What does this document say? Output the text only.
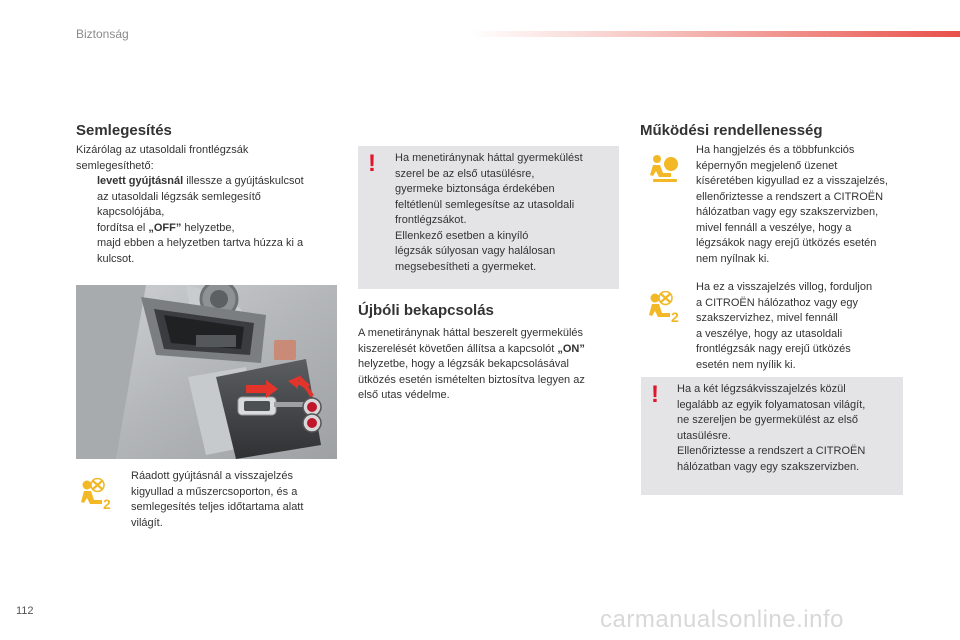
Biztonság
Semlegesítés
Kizárólag az utasoldali frontlégzsák
semlegesíthető:
levett gyújtásnál illessze a gyújtáskulcsot
az utasoldali légzsák semlegesítő
kapcsolójába,
fordítsa el „OFF” helyzetbe,
majd ebben a helyzetben tartva húzza ki a
kulcsot.
2
Ráadott gyújtásnál a visszajelzés
kigyullad a műszercsoporton, és a
semlegesítés teljes időtartama alatt
világít.
! Ha menetiránynak háttal gyermekülést
szerel be az első utasülésre,
gyermeke biztonsága érdekében
feltétlenül semlegesítse az utasoldali
frontlégzsákot.
Ellenkező esetben a kinyíló
légzsák súlyosan vagy halálosan
megsebesítheti a gyermeket.
Újbóli bekapcsolás
A menetiránynak háttal beszerelt gyermekülés
kiszerelését követően állítsa a kapcsolót „ON”
helyzetbe, hogy a légzsák bekapcsolásával
ütközés esetén ismételten biztosítva legyen az
első utas védelme.
Működési rendellenesség
Ha hangjelzés és a többfunkciós
képernyőn megjelenő üzenet
kíséretében kigyullad ez a visszajelzés,
ellenőriztesse a rendszert a CITROËN
hálózatban vagy egy szakszervizben,
mivel fennáll a veszélye, hogy a
légzsákok nagy erejű ütközés esetén
nem nyílnak ki.
2
Ha ez a visszajelzés villog, forduljon
a CITROËN hálózathoz vagy egy
szakszervizhez, mivel fennáll
a veszélye, hogy az utasoldali
frontlégzsák nagy erejű ütközés
esetén nem nyílik ki.
! Ha a két légzsákvisszajelzés közül
legalább az egyik folyamatosan világít,
ne szereljen be gyermekülést az első
utasülésre.
Ellenőriztesse a rendszert a CITROËN
hálózatban vagy egy szakszervizben.
112	carmanualsonline.info
